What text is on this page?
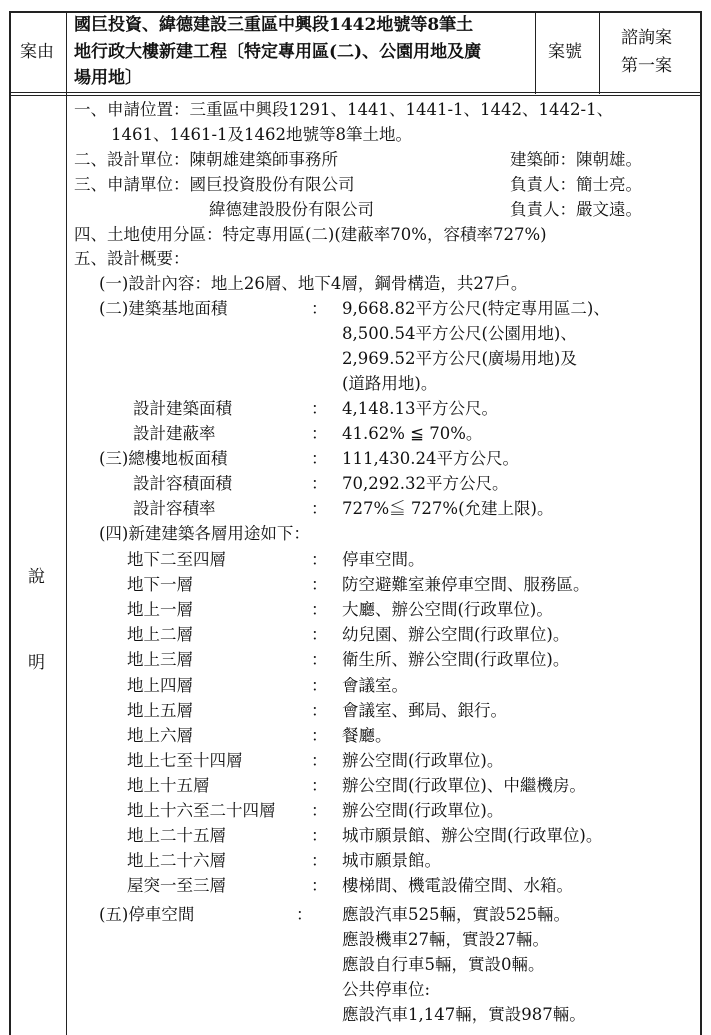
案由
國巨投資、緯德建設三重區中興段1442地號等8筆土
地行政大樓新建工程〔特定專用區(二)、公園用地及廣
場用地〕
案號
諮詢案
第一案
說
明
一、申請位置：三重區中興段1291、1441、1441-1、1442、1442-1、
1461、1461-1及1462地號等8筆土地。
二、設計單位：陳朝雄建築師事務所	建築師：陳朝雄。
三、申請單位：國巨投資股份有限公司	負責人：簡士亮。
緯德建設股份有限公司	負責人：嚴文遠。
四、土地使用分區：特定專用區(二)(建蔽率70%，容積率727%)
五、設計概要：
(一)設計內容：地上26層、地下4層，鋼骨構造，共27戶。
(二)建築基地面積	： 9,668.82平方公尺(特定專用區二)、
8,500.54平方公尺(公園用地)、
2,969.52平方公尺(廣場用地)及
(道路用地)。
設計建築面積	： 4,148.13平方公尺。
設計建蔽率	： 41.62% ≦ 70%。
(三)總樓地板面積	： 111,430.24平方公尺。
設計容積面積	： 70,292.32平方公尺。
設計容積率	： 727%≦ 727%(允建上限)。
(四)新建建築各層用途如下：
地下二至四層	： 停車空間。
地下一層	： 防空避難室兼停車空間、服務區。
地上一層	： 大廳、辦公空間(行政單位)。
地上二層	： 幼兒園、辦公空間(行政單位)。
地上三層	： 衛生所、辦公空間(行政單位)。
地上四層	： 會議室。
地上五層	： 會議室、郵局、銀行。
地上六層	： 餐廳。
地上七至十四層	： 辦公空間(行政單位)。
地上十五層	： 辦公空間(行政單位)、中繼機房。
地上十六至二十四層 ： 辦公空間(行政單位)。
地上二十五層	： 城市願景館、辦公空間(行政單位)。
地上二十六層	： 城市願景館。
屋突一至三層	： 樓梯間、機電設備空間、水箱。
(五)停車空間	： 應設汽車525輛，實設525輛。
應設機車27輛，實設27輛。
應設自行車5輛，實設0輛。
公共停車位:
應設汽車1,147輛，實設987輛。
